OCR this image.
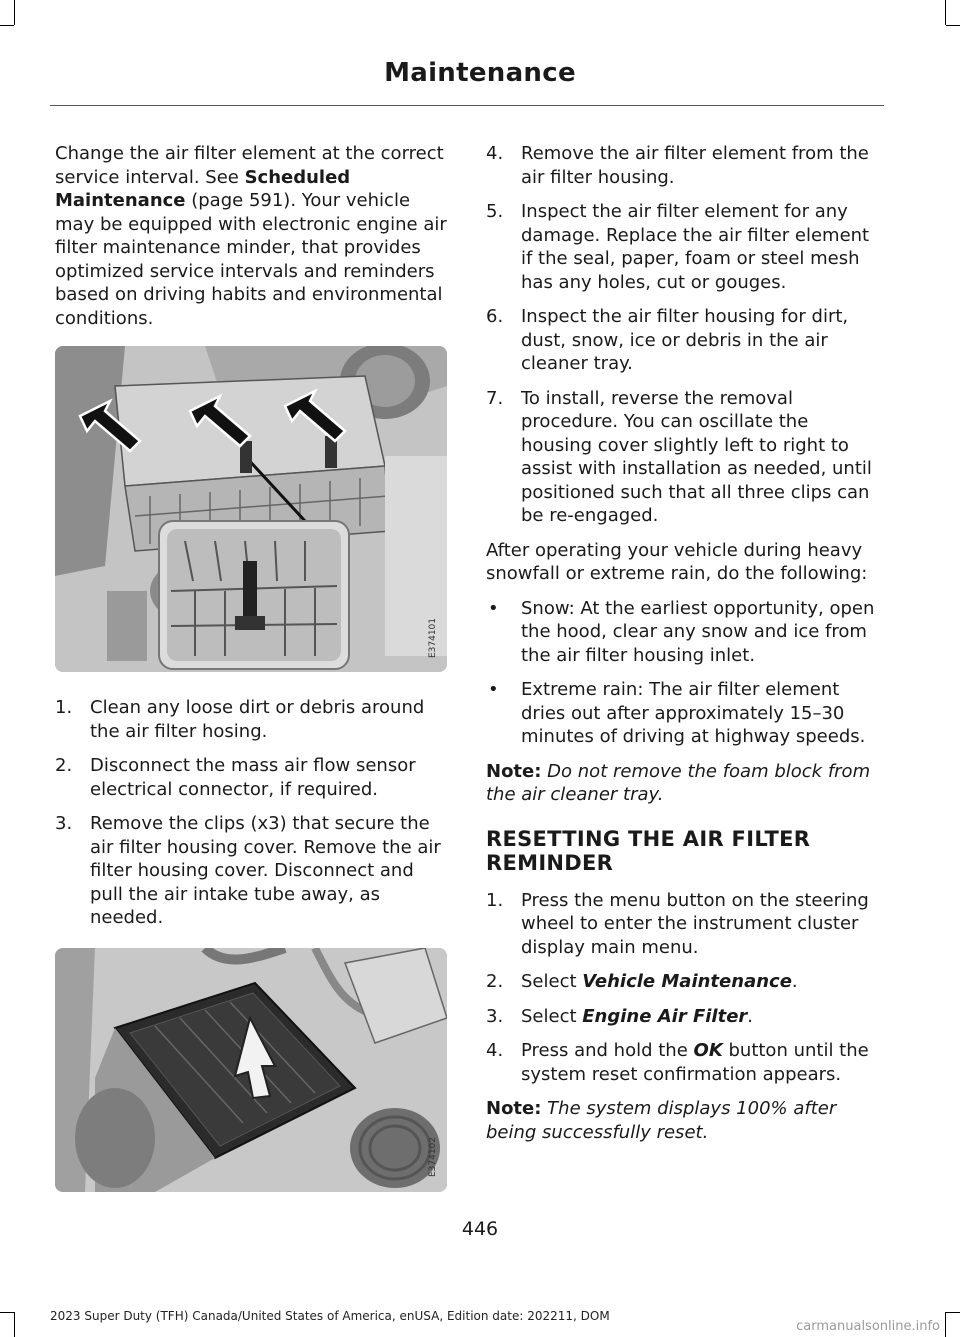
Maintenance

Change the air filter element at the correct service interval. See Scheduled Maintenance (page 591). Your vehicle may be equipped with electronic engine air filter maintenance minder, that provides optimized service intervals and reminders based on driving habits and environmental conditions.

E374101
1. Clean any loose dirt or debris around the air filter hosing.
2. Disconnect the mass air flow sensor electrical connector, if required.
3. Remove the clips (x3) that secure the air filter housing cover. Remove the air filter housing cover. Disconnect and pull the air intake tube away, as needed.
E374102
4. Remove the air filter element from the air filter housing.
5. Inspect the air filter element for any damage. Replace the air filter element if the seal, paper, foam or steel mesh has any holes, cut or gouges.
6. Inspect the air filter housing for dirt, dust, snow, ice or debris in the air cleaner tray.
7. To install, reverse the removal procedure. You can oscillate the housing cover slightly left to right to assist with installation as needed, until positioned such that all three clips can be re-engaged.

After operating your vehicle during heavy snowfall or extreme rain, do the following:

• Snow: At the earliest opportunity, open the hood, clear any snow and ice from the air filter housing inlet.
• Extreme rain: The air filter element dries out after approximately 15–30 minutes of driving at highway speeds.

Note: Do not remove the foam block from the air cleaner tray.

RESETTING THE AIR FILTER REMINDER
1. Press the menu button on the steering wheel to enter the instrument cluster display main menu.
2. Select Vehicle Maintenance.
3. Select Engine Air Filter.
4. Press and hold the OK button until the system reset confirmation appears.

Note: The system displays 100% after being successfully reset.

446
2023 Super Duty (TFH) Canada/United States of America, enUSA, Edition date: 202211, DOM
carmanualsonline.info
